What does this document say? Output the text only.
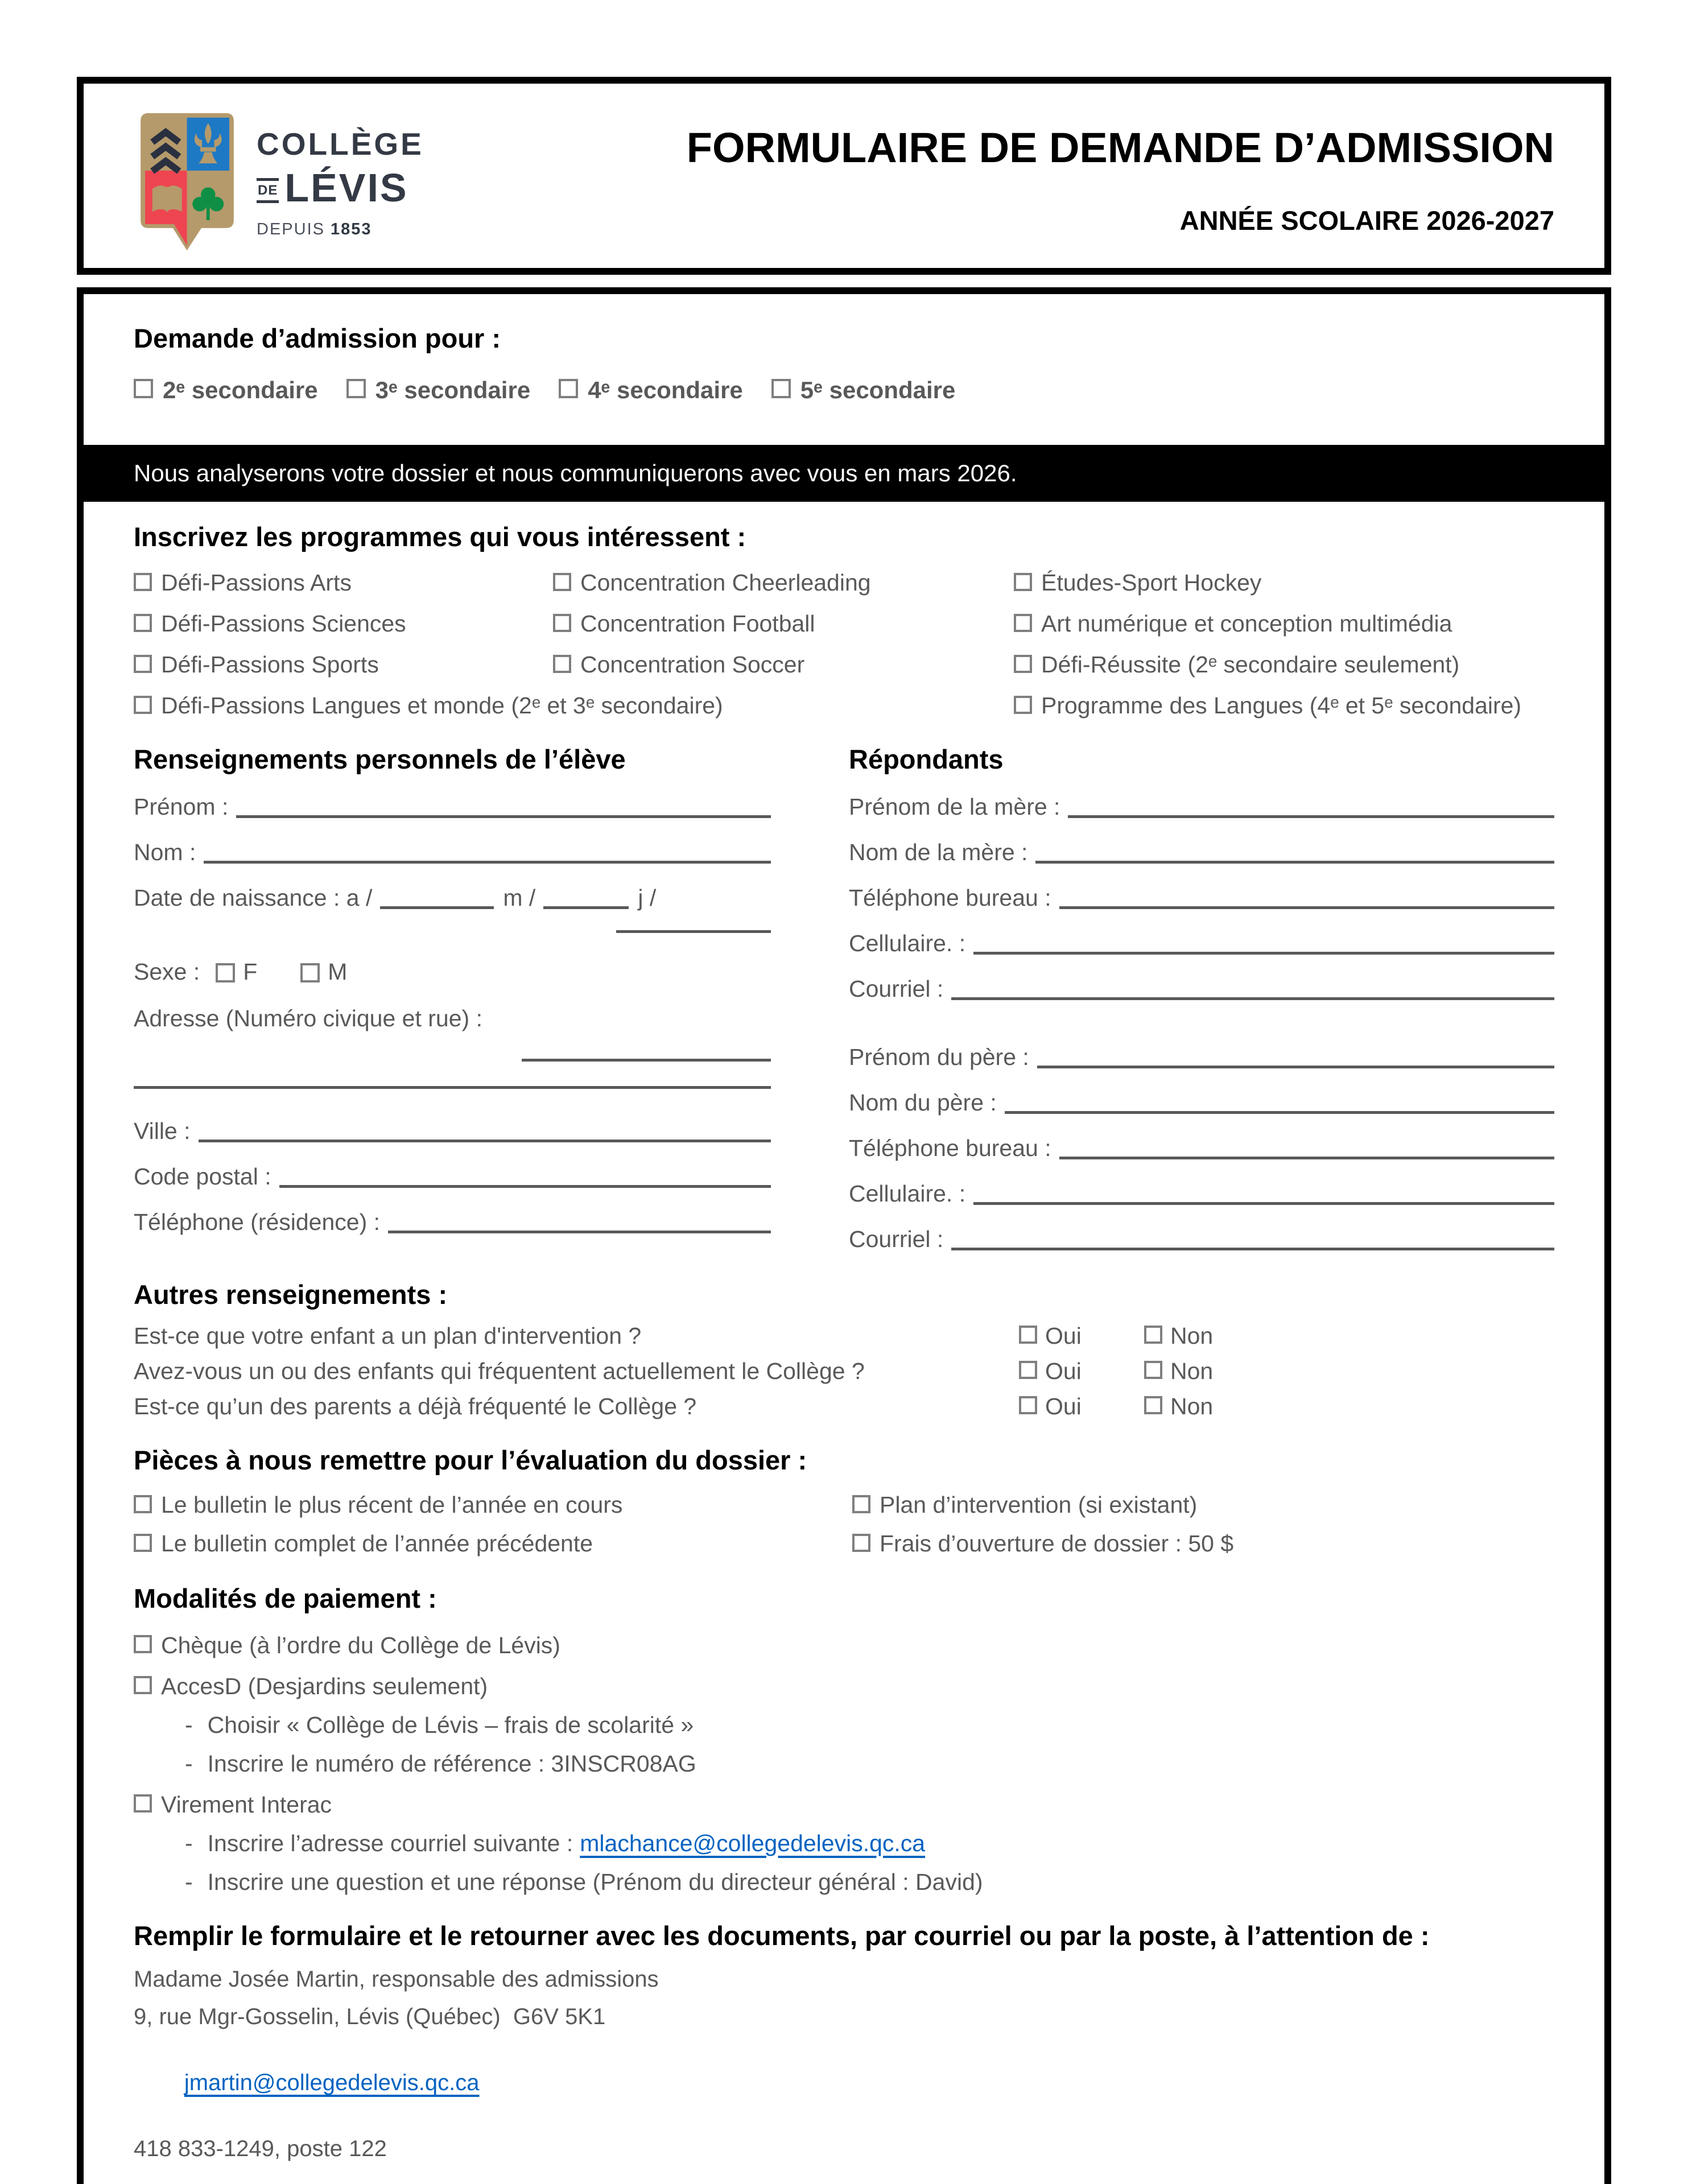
COLLÈGE
DE LÉVIS
DEPUIS 1853
FORMULAIRE DE DEMANDE D’ADMISSION
ANNÉE SCOLAIRE 2026-2027
Demande d’admission pour :
2ᵉ secondaire 3ᵉ secondaire 4ᵉ secondaire 5ᵉ secondaire
Nous analyserons votre dossier et nous communiquerons avec vous en mars 2026.
Inscrivez les programmes qui vous intéressent :
Défi-Passions Arts	Concentration Cheerleading	Études-Sport Hockey
Défi-Passions Sciences	Concentration Football	Art numérique et conception multimédia
Défi-Passions Sports	Concentration Soccer	Défi-Réussite (2ᵉ secondaire seulement)
Défi-Passions Langues et monde (2ᵉ et 3ᵉ secondaire)	Programme des Langues (4ᵉ et 5ᵉ secondaire)
Renseignements personnels de l’élève
Prénom :
Nom :
Date de naissance : a /	m /	j /
Sexe : F	M
Adresse (Numéro civique et rue) :
Ville :
Code postal :
Téléphone (résidence) :
Répondants
Prénom de la mère :
Nom de la mère :
Téléphone bureau :
Cellulaire. :
Courriel :
Prénom du père :
Nom du père :
Téléphone bureau :
Cellulaire. :
Courriel :
Autres renseignements :
Est-ce que votre enfant a un plan d'intervention ?	Oui	Non
Avez-vous un ou des enfants qui fréquentent actuellement le Collège ?	Oui	Non
Est-ce qu’un des parents a déjà fréquenté le Collège ?	Oui	Non
Pièces à nous remettre pour l’évaluation du dossier :
Le bulletin le plus récent de l’année en cours	Plan d’intervention (si existant)
Le bulletin complet de l’année précédente	Frais d’ouverture de dossier : 50 $
Modalités de paiement :
Chèque (à l’ordre du Collège de Lévis)
AccesD (Desjardins seulement)
- Choisir « Collège de Lévis – frais de scolarité »
- Inscrire le numéro de référence : 3INSCR08AG
Virement Interac
- Inscrire l’adresse courriel suivante : mlachance@collegedelevis.qc.ca
- Inscrire une question et une réponse (Prénom du directeur général : David)
Remplir le formulaire et le retourner avec les documents, par courriel ou par la poste, à l’attention de :
Madame Josée Martin, responsable des admissions
9, rue Mgr-Gosselin, Lévis (Québec)  G6V 5K1

jmartin@collegedelevis.qc.ca

418 833-1249, poste 122
